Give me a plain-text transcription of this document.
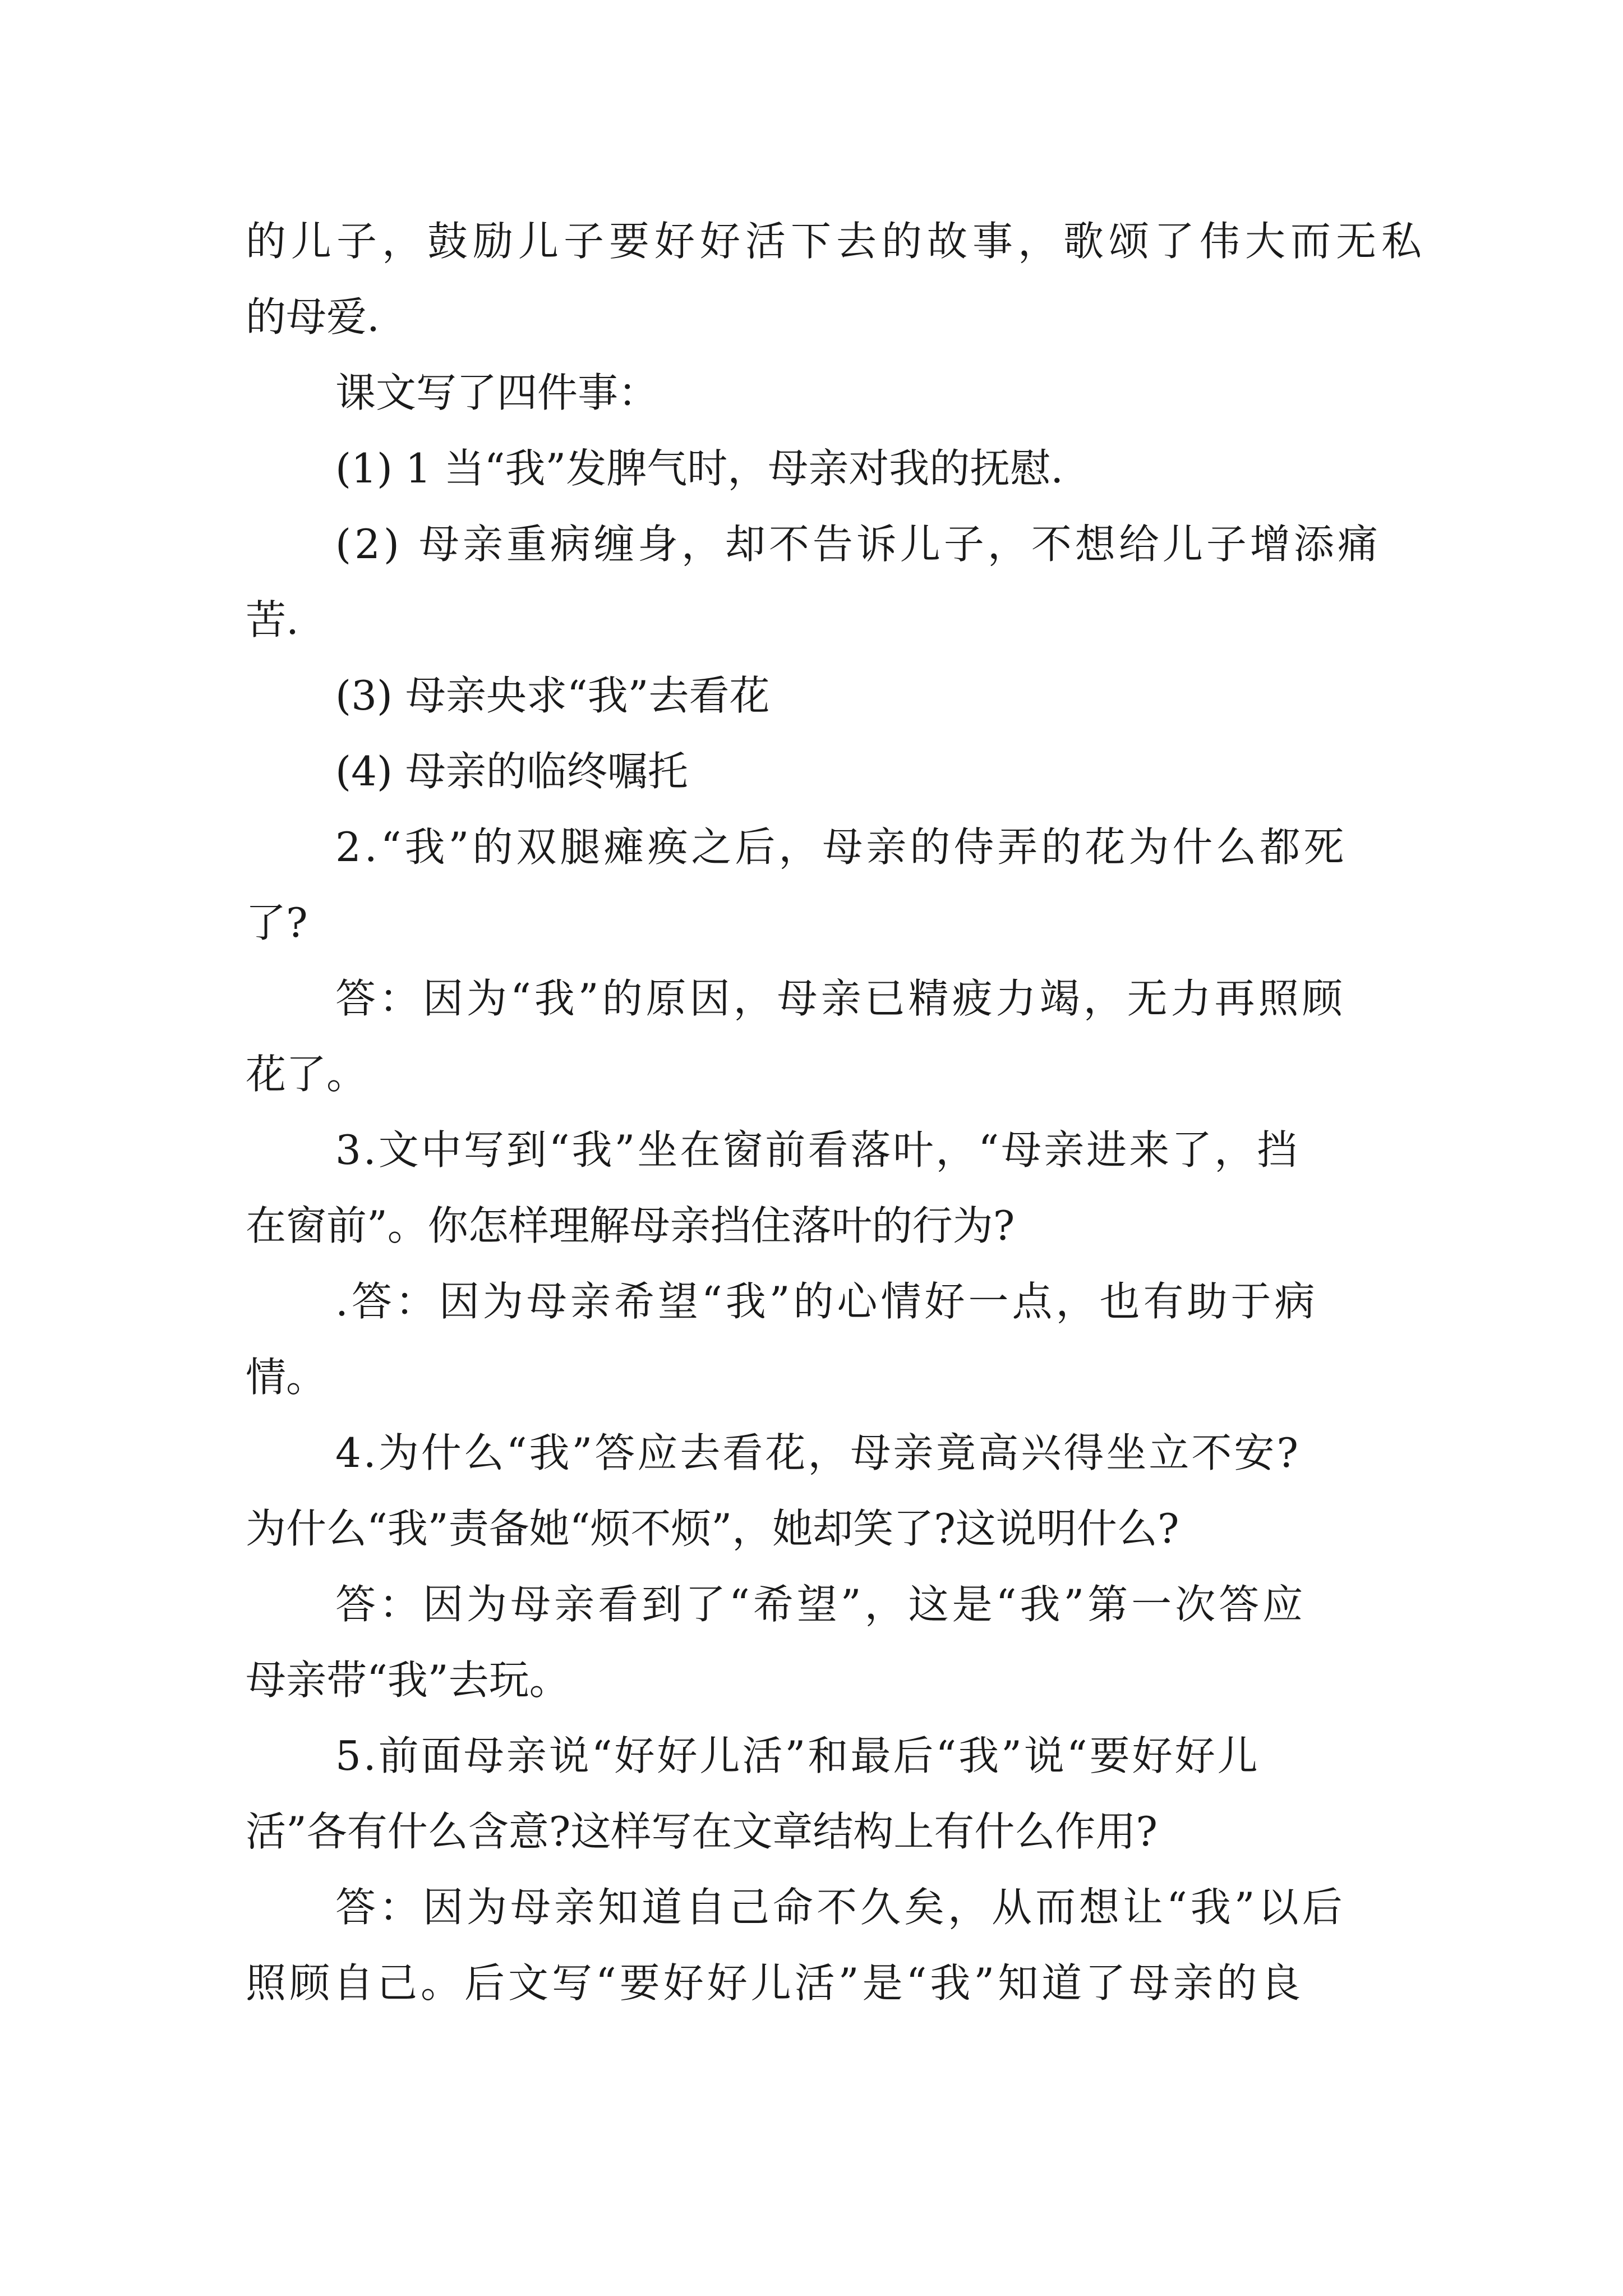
的儿子，鼓励儿子要好好活下去的故事，歌颂了伟大而无私

的母爱.

课文写了四件事：

(1) 1 当“我”发脾气时，母亲对我的抚慰.

(2) 母亲重病缠身，却不告诉儿子，不想给儿子增添痛

苦.

(3) 母亲央求“我”去看花

(4) 母亲的临终嘱托

2.“我”的双腿瘫痪之后，母亲的侍弄的花为什么都死

了?

答：因为“我”的原因，母亲已精疲力竭，无力再照顾

花了。

3.文中写到“我”坐在窗前看落叶，“母亲进来了，挡

在窗前”。你怎样理解母亲挡住落叶的行为?

.答：因为母亲希望“我”的心情好一点，也有助于病

情。

4.为什么“我”答应去看花，母亲竟高兴得坐立不安?

为什么“我”责备她“烦不烦”，她却笑了?这说明什么?

答：因为母亲看到了“希望”，这是“我”第一次答应

母亲带“我”去玩。

5.前面母亲说“好好儿活”和最后“我”说“要好好儿

活”各有什么含意?这样写在文章结构上有什么作用?

答：因为母亲知道自己命不久矣，从而想让“我”以后

照顾自己。后文写“要好好儿活”是“我”知道了母亲的良
